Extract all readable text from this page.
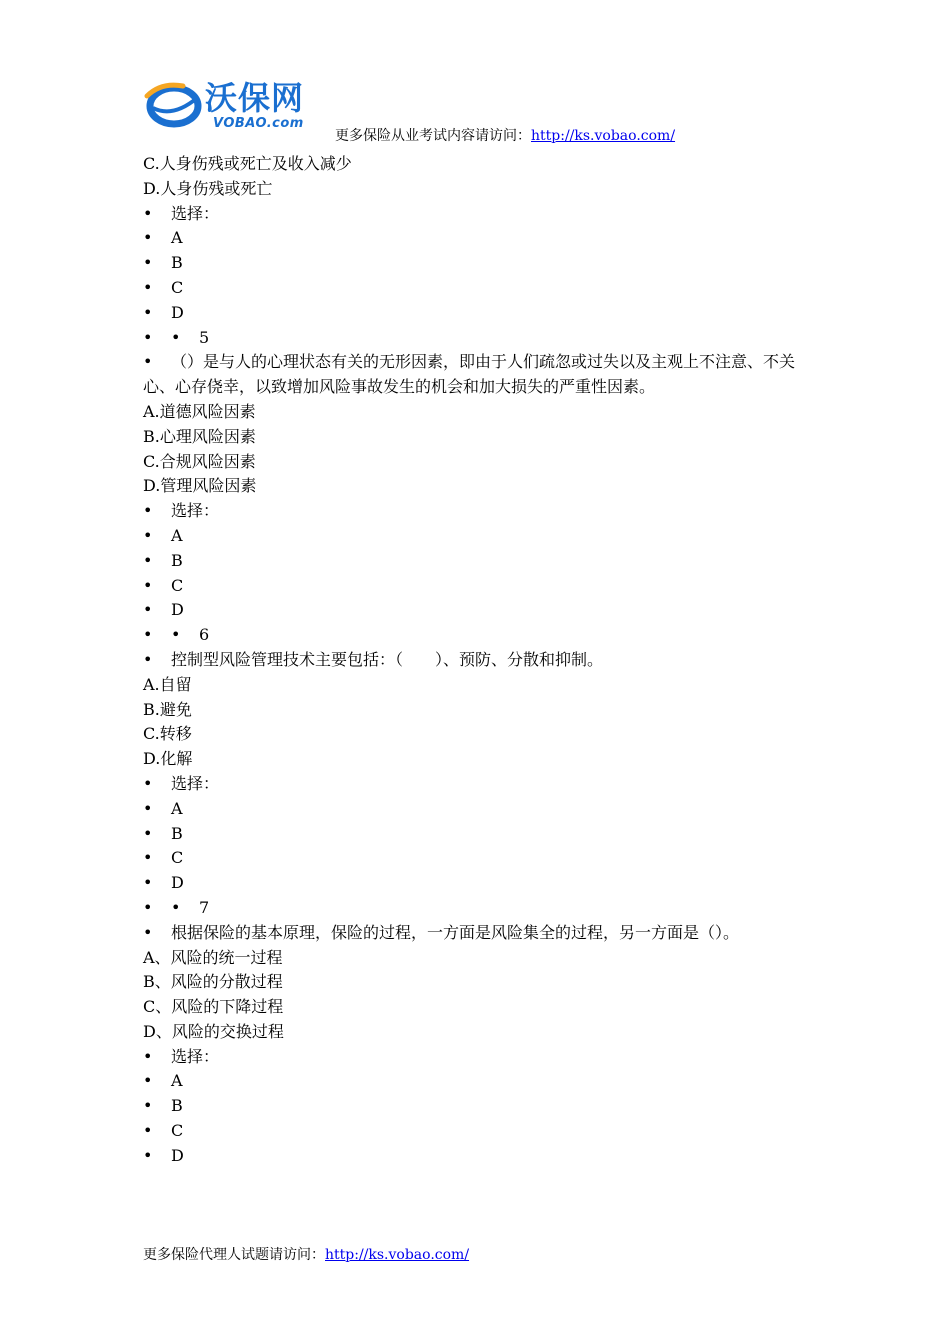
沃保网
VOBAO.com
更多保险从业考试内容请访问：http://ks.vobao.com/
C.人身伤残或死亡及收入减少
D.人身伤残或死亡
• 选择：
• A
• B
• C
• D
• • 5
• （）是与人的心理状态有关的无形因素，即由于人们疏忽或过失以及主观上不注意、不关心、心存侥幸，以致增加风险事故发生的机会和加大损失的严重性因素。
A.道德风险因素
B.心理风险因素
C.合规风险因素
D.管理风险因素
• 选择：
• A
• B
• C
• D
• • 6
• 控制型风险管理技术主要包括：（　　）、预防、分散和抑制。
A.自留
B.避免
C.转移
D.化解
• 选择：
• A
• B
• C
• D
• • 7
• 根据保险的基本原理，保险的过程，一方面是风险集全的过程，另一方面是（）。
A、风险的统一过程
B、风险的分散过程
C、风险的下降过程
D、风险的交换过程
• 选择：
• A
• B
• C
• D
更多保险代理人试题请访问：http://ks.vobao.com/
